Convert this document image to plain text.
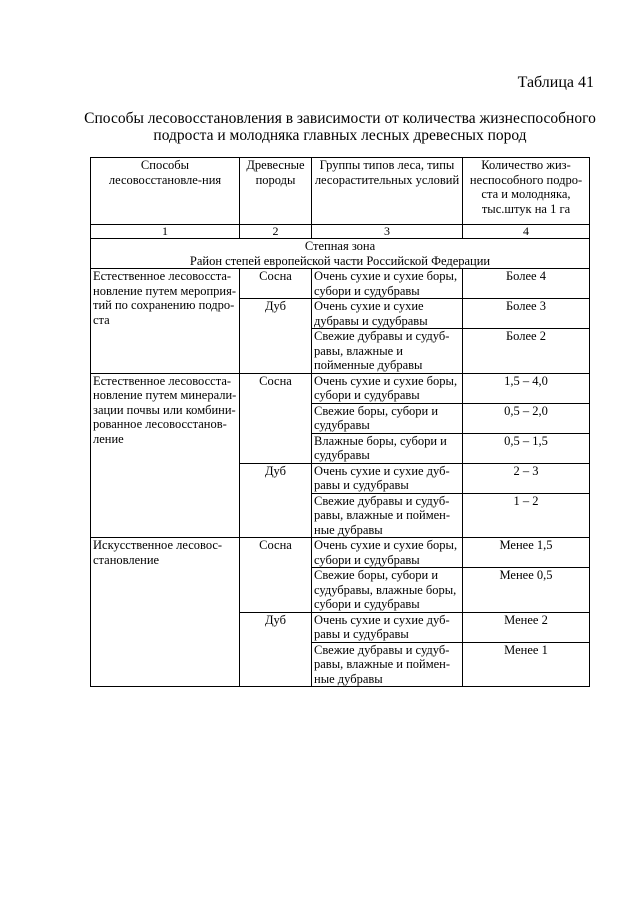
Таблица 41
Способы лесовосстановления в зависимости от количества жизнеспособного
подроста и молодняка главных лесных древесных пород
Способы лесовосстановле-ния	Древесные породы	Группы типов леса, типы лесорастительных условий	Количество жиз-неспособного подро-ста и молодняка, тыс.штук на 1 га
1	2	3	4

Степная зона
Район степей европейской части Российской Федерации			

Естественное лесовосста-новление путем мероприя-тий по сохранению подро-ста	Сосна	Очень сухие и сухие боры, субори и судубравы	Более 4
	Дуб	Очень сухие и сухие дубравы и судубравы	Более 3
		Свежие дубравы и судуб-равы, влажные и пойменные дубравы	Более 2
Естественное лесовосста-новление путем минерали-зации почвы или комбини-рованное лесовосстанов-ление	Сосна	Очень сухие и сухие боры, субори и судубравы	1,5 – 4,0
		Свежие боры, субори и судубравы	0,5 – 2,0
		Влажные боры, субори и судубравы	0,5 – 1,5
	Дуб	Очень сухие и сухие дуб-равы и судубравы	2 – 3
		Свежие дубравы и судуб-равы, влажные и поймен-ные дубравы	1 – 2
Искусственное лесовос-становление	Сосна	Очень сухие и сухие боры, субори и судубравы	Менее 1,5
		Свежие боры, субори и судубравы, влажные боры, субори и судубравы	Менее 0,5
	Дуб	Очень сухие и сухие дуб-равы и судубравы	Менее 2
		Свежие дубравы и судуб-равы, влажные и поймен-ные дубравы	Менее 1
